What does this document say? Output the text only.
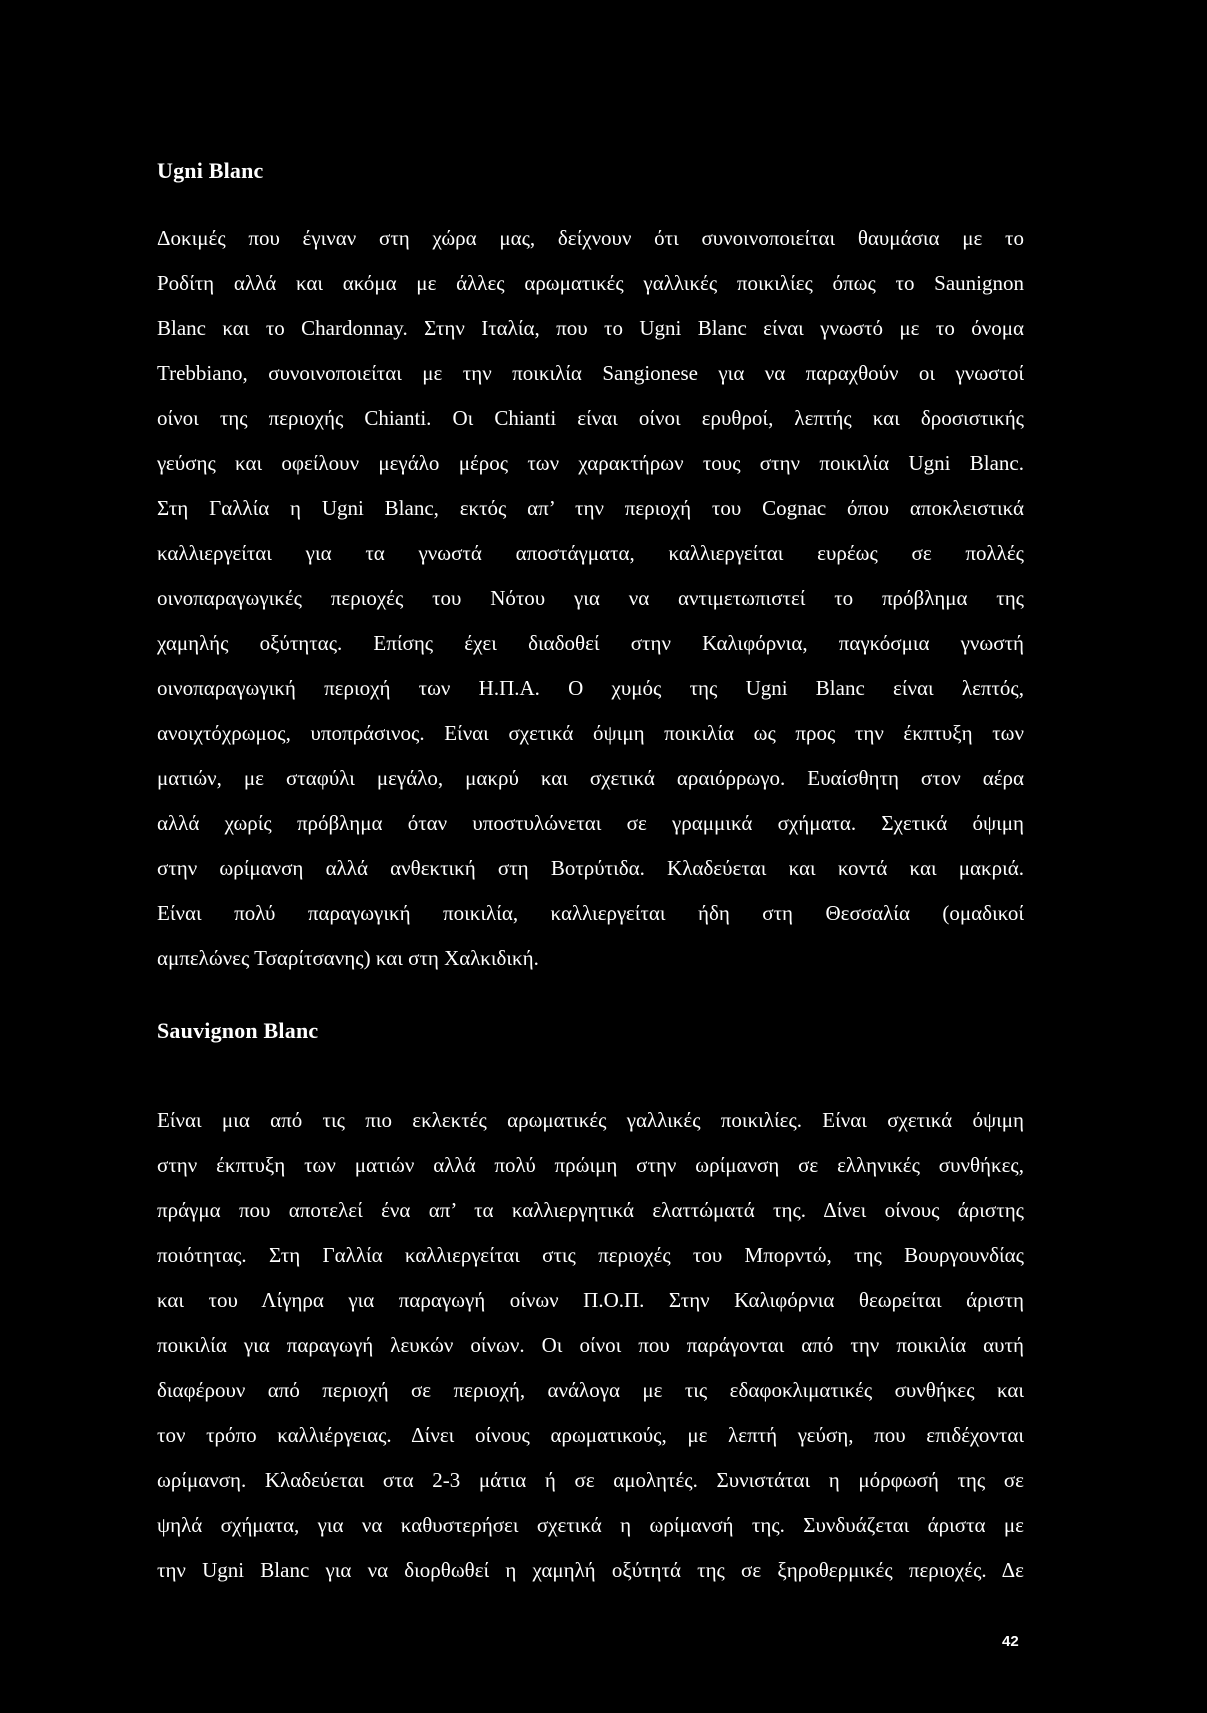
Ugni Blanc
Δοκιμές που έγιναν στη χώρα μας, δείχνουν ότι συνοινοποιείται θαυμάσια με το
Ροδίτη αλλά και ακόμα με άλλες αρωματικές γαλλικές ποικιλίες όπως το Saunignon
Blanc και το Chardonnay. Στην Ιταλία, που το Ugni Blanc είναι γνωστό με το όνομα
Trebbiano, συνοινοποιείται με την ποικιλία Sangionese για να παραχθούν οι γνωστοί
οίνοι της περιοχής Chianti. Οι Chianti είναι οίνοι ερυθροί, λεπτής και δροσιστικής
γεύσης και οφείλουν μεγάλο μέρος των χαρακτήρων τους στην ποικιλία Ugni Blanc.
Στη Γαλλία η Ugni Blanc, εκτός απ’ την περιοχή του Cognac όπου αποκλειστικά
καλλιεργείται για τα γνωστά αποστάγματα, καλλιεργείται ευρέως σε πολλές
οινοπαραγωγικές περιοχές του Νότου για να αντιμετωπιστεί το πρόβλημα της
χαμηλής οξύτητας. Επίσης έχει διαδοθεί στην Καλιφόρνια, παγκόσμια γνωστή
οινοπαραγωγική περιοχή των Η.Π.Α. Ο χυμός της Ugni Blanc είναι λεπτός,
ανοιχτόχρωμος, υποπράσινος. Είναι σχετικά όψιμη ποικιλία ως προς την έκπτυξη των
ματιών, με σταφύλι μεγάλο, μακρύ και σχετικά αραιόρρωγο. Ευαίσθητη στον αέρα
αλλά χωρίς πρόβλημα όταν υποστυλώνεται σε γραμμικά σχήματα. Σχετικά όψιμη
στην ωρίμανση αλλά ανθεκτική στη Βοτρύτιδα. Κλαδεύεται και κοντά και μακριά.
Είναι πολύ παραγωγική ποικιλία, καλλιεργείται ήδη στη Θεσσαλία (ομαδικοί
αμπελώνες Τσαρίτσανης) και στη Χαλκιδική.
Sauvignon Blanc
Είναι μια από τις πιο εκλεκτές αρωματικές γαλλικές ποικιλίες. Είναι σχετικά όψιμη
στην έκπτυξη των ματιών αλλά πολύ πρώιμη στην ωρίμανση σε ελληνικές συνθήκες,
πράγμα που αποτελεί ένα απ’ τα καλλιεργητικά ελαττώματά της. Δίνει οίνους άριστης
ποιότητας. Στη Γαλλία καλλιεργείται στις περιοχές του Μπορντώ, της Βουργουνδίας
και του Λίγηρα για παραγωγή οίνων Π.Ο.Π. Στην Καλιφόρνια θεωρείται άριστη
ποικιλία για παραγωγή λευκών οίνων. Οι οίνοι που παράγονται από την ποικιλία αυτή
διαφέρουν από περιοχή σε περιοχή, ανάλογα με τις εδαφοκλιματικές συνθήκες και
τον τρόπο καλλιέργειας. Δίνει οίνους αρωματικούς, με λεπτή γεύση, που επιδέχονται
ωρίμανση. Κλαδεύεται στα 2-3 μάτια ή σε αμολητές. Συνιστάται η μόρφωσή της σε
ψηλά σχήματα, για να καθυστερήσει σχετικά η ωρίμανσή της. Συνδυάζεται άριστα με
την Ugni Blanc για να διορθωθεί η χαμηλή οξύτητά της σε ξηροθερμικές περιοχές. Δε
42
